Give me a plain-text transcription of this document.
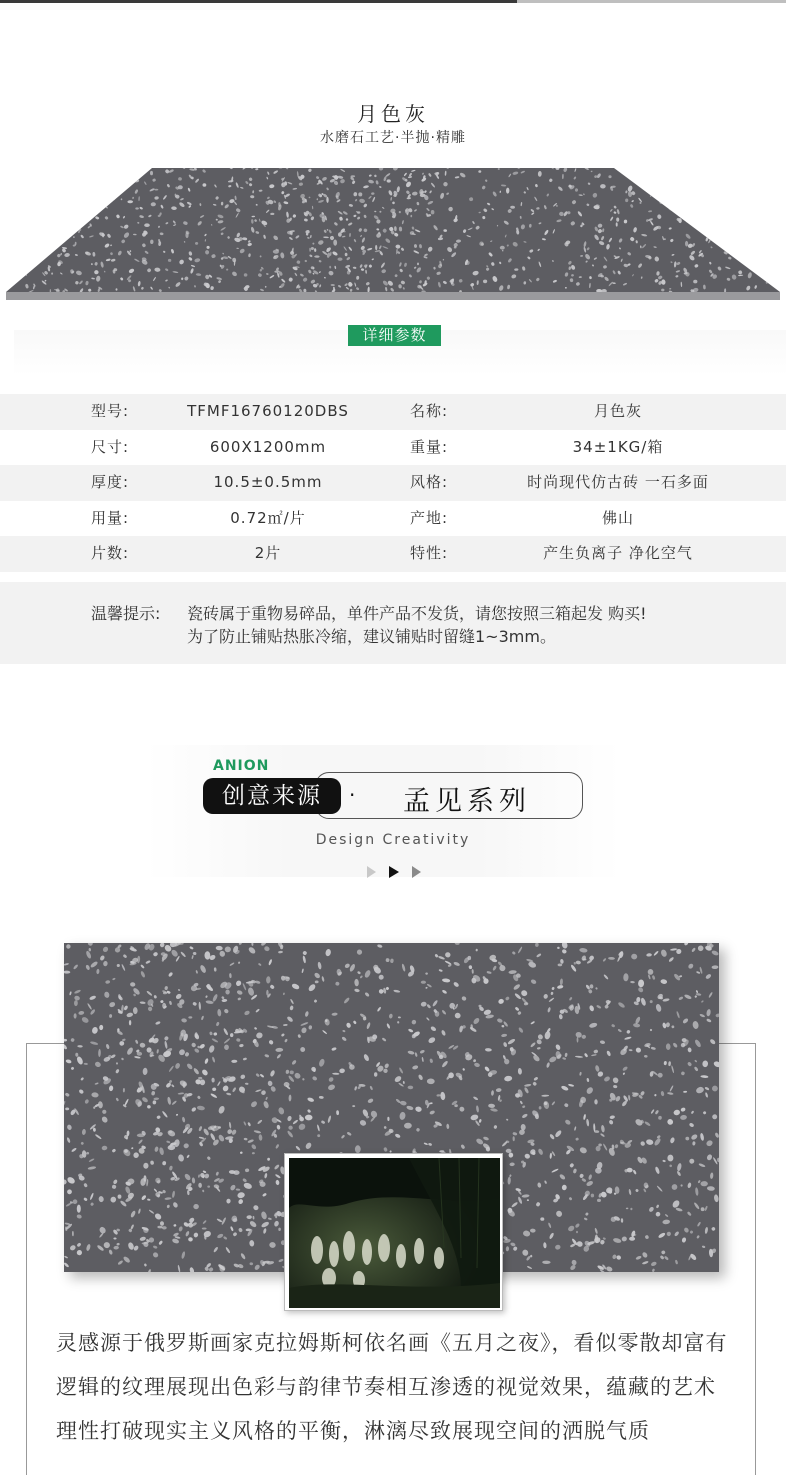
月色灰
水磨石工艺·半抛·精雕
详细参数
型号:	TFMF16760120DBS	名称:	月色灰
尺寸:	600X1200mm	重量:	34±1KG/箱
厚度:	10.5±0.5mm	风格:	时尚现代仿古砖 一石多面
用量:	0.72㎡/片	产地:	佛山
片数:	2片	特性:	产生负离子 净化空气
温馨提示: 瓷砖属于重物易碎品，单件产品不发货，请您按照三箱起发 购买!
为了防止铺贴热胀冷缩，建议铺贴时留缝1~3mm。
ANION
创意来源	· 孟见系列
Design Creativity
灵感源于俄罗斯画家克拉姆斯柯依名画《五月之夜》，看似零散却富有逻辑的纹理展现出色彩与韵律节奏相互渗透的视觉效果，蕴藏的艺术理性打破现实主义风格的平衡，淋漓尽致展现空间的洒脱气质
